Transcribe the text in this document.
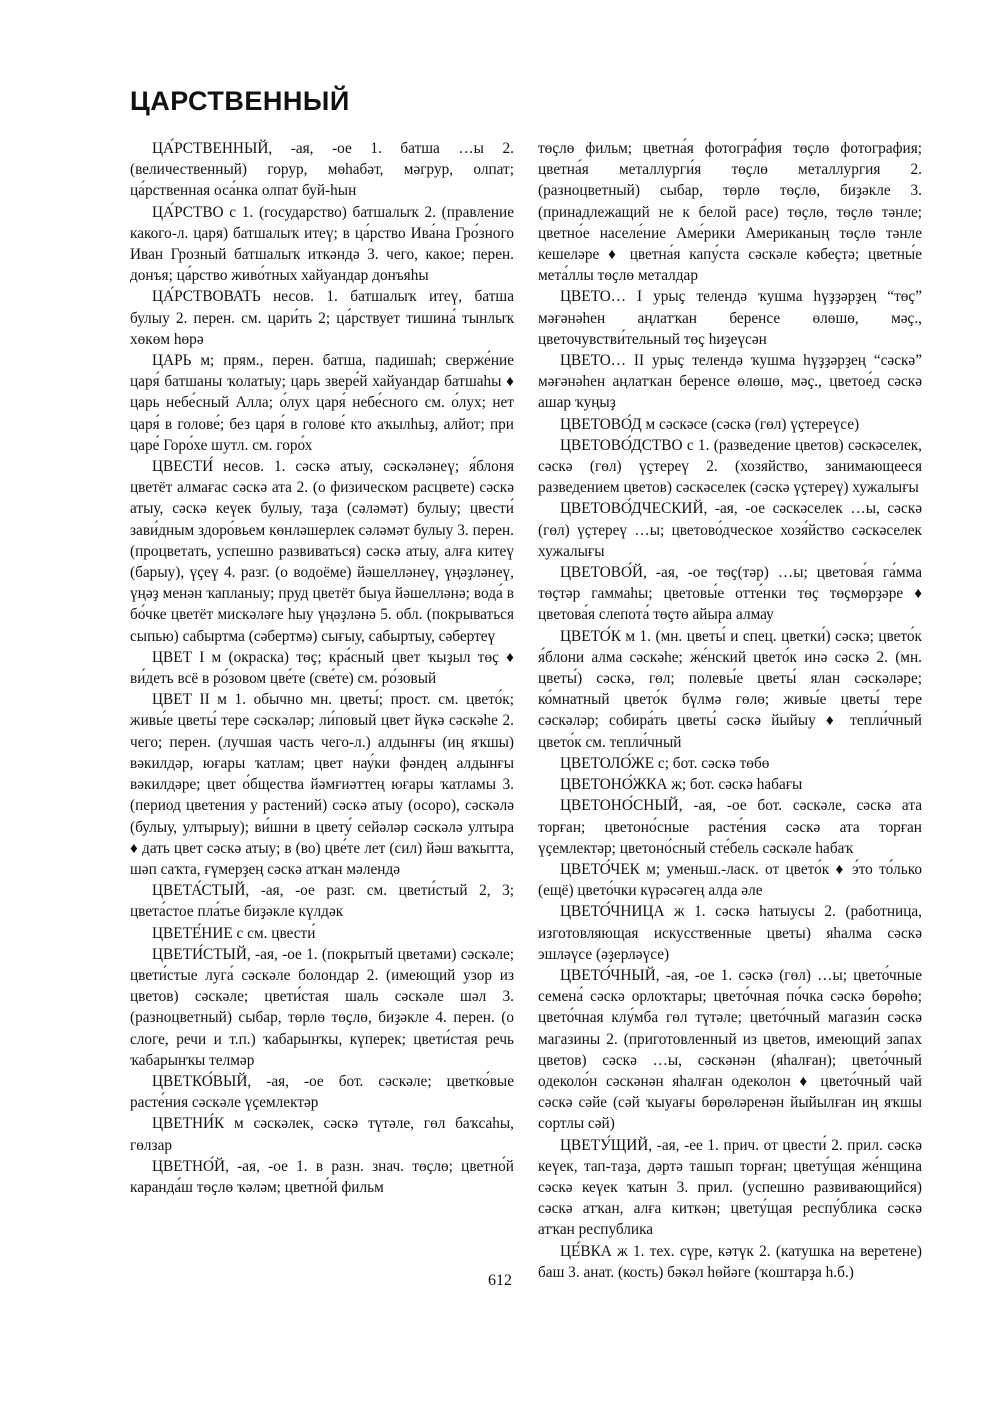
ЦАРСТВЕННЫЙ

ЦА́РСТВЕННЫЙ, -ая, -ое 1. батша …ы 2. (величественный) горур, мөһабәт, мәгрур, олпат; ца́рственная оса́нка олпат буй-һын

ЦА́РСТВО с 1. (государство) батшалыҡ 2. (правление какого-л. царя) батшалыҡ итеү; в ца́рство Ива́на Гро́зного Иван Грозный батшалыҡ иткәндә 3. чего, какое; перен. донъя; ца́рство живо́тных хайуандар донъяһы

ЦА́РСТВОВАТЬ несов. 1. батшалыҡ итеү, батша булыу 2. перен. см. цари́ть 2; ца́рствует тишина́ тынлыҡ хөкөм һөрә

ЦАРЬ м; прям., перен. батша, падишаһ; сверже́ние царя́ батшаны ҡолатыу; царь звере́й хайуандар батшаһы ♦ царь небе́сный Алла; о́лух царя́ небе́сного см. о́лух; нет царя́ в голове́; без царя́ в голове́ кто аҡылһыҙ, алйот; при царе́ Горо́хе шутл. см. горо́х

ЦВЕСТИ́ несов. 1. сәскә атыу, сәскәләнеү; я́блоня цветёт алмағас сәскә ата 2. (о физическом расцвете) сәскә атыу, сәскә кеүек булыу, таҙа (сәләмәт) булыу; цвести́ зави́дным здоро́вьем көнләшерлек сәләмәт булыу 3. перен. (процветать, успешно развиваться) сәскә атыу, алға китеү (барыу), үҫеү 4. разг. (о водоёме) йәшелләнеү, үңәҙләнеү, үңәҙ менән ҡапланыу; пруд цветёт быуа йәшелләнә; вода́ в бо́чке цветёт мискәләге һыу үңәҙләнә 5. обл. (покрываться сыпью) сабыртма (сәбертмә) сығыу, сабыртыу, сәбертеү

ЦВЕТ I м (окраска) төҫ; кра́сный цвет ҡыҙыл төҫ ♦ ви́деть всё в ро́зовом цве́те (све́те) см. ро́зовый

ЦВЕТ II м 1. обычно мн. цветы́; прост. см. цвето́к; живы́е цветы́ тере сәскәләр; ли́повый цвет йүкә сәскәһе 2. чего; перен. (лучшая часть чего-л.) алдынғы (иң яҡшы) вәкилдәр, юғары ҡатлам; цвет нау́ки фәндең алдынғы вәкилдәре; цвет о́бщества йәмғиәттең юғары ҡатламы 3. (период цветения у растений) сәскә атыу (осоро), сәскәлә (булыу, ултырыу); ви́шни в цвету́ сейәләр сәскәлә ултыра ♦ дать цвет сәскә атыу; в (во) цве́те лет (сил) йәш ваҡытта, шәп саҡта, ғүмерҙең сәскә атҡан мәлендә

ЦВЕТА́СТЫЙ, -ая, -ое разг. см. цвети́стый 2, 3; цвета́стое пла́тье биҙәкле күлдәк

ЦВЕТЕ́НИЕ с см. цвести́

ЦВЕТИ́СТЫЙ, -ая, -ое 1. (покрытый цветами) сәскәле; цвети́стые луга́ сәскәле болондар 2. (имеющий узор из цветов) сәскәле; цвети́стая шаль сәскәле шәл 3. (разноцветный) сыбар, төрлө төҫлө, биҙәкле 4. перен. (о слоге, речи и т.п.) ҡабарынҡы, күперек; цвети́стая речь ҡабарынҡы телмәр

ЦВЕТКО́ВЫЙ, -ая, -ое бот. сәскәле; цветко́вые расте́ния сәскәле үҫемлектәр

ЦВЕТНИ́К м сәскәлек, сәскә түтәле, гөл баҡсаһы, гөлзар

ЦВЕТНО́Й, -ая, -ое 1. в разн. знач. төҫлө; цветно́й каранда́ш төҫлө ҡәләм; цветно́й фильм

төҫлө фильм; цветна́я фотогра́фия төҫлө фотография; цветна́я металлурги́я төҫлө металлургия 2. (разноцветный) сыбар, төрлө төҫлө, биҙәкле 3. (принадлежащий не к белой расе) төҫлө, төҫлө тәнле; цветно́е населе́ние Аме́рики Американың төҫлө тәнле кешеләре ♦ цветна́я капу́ста сәскәле кәбеҫтә; цветны́е мета́ллы төҫлө металдар

ЦВЕТО… I урыҫ телендә ҡушма һүҙҙәрҙең “төҫ” мәғәнәһен аңлатҡан беренсе өлөшө, мәҫ., цветочувстви́тельный төҫ һиҙеүсән

ЦВЕТО… II урыҫ телендә ҡушма һүҙҙәрҙең “сәскә” мәғәнәһен аңлатҡан беренсе өлөшө, мәҫ., цветое́д сәскә ашар ҡуңыҙ

ЦВЕТОВО́Д м сәскәсе (сәскә (гөл) үҫтереүсе)

ЦВЕТОВО́ДСТВО с 1. (разведение цветов) сәскәселек, сәскә (гөл) үҫтереү 2. (хозяйство, занимающееся разведением цветов) сәскәселек (сәскә үҫтереү) хужалығы

ЦВЕТОВО́ДЧЕСКИЙ, -ая, -ое сәскәселек …ы, сәскә (гөл) үҫтереү …ы; цветово́дческое хозя́йство сәскәселек хужалығы

ЦВЕТОВО́Й, -ая, -ое төҫ(тәр) …ы; цветова́я га́мма төҫтәр гаммаһы; цветовы́е отте́нки төҫ төҫмөрҙәре ♦ цветова́я слепота́ төҫтө айыра алмау

ЦВЕТО́К м 1. (мн. цветы́ и спец. цветки́) сәскә; цвето́к я́блони алма сәскәһе; же́нский цвето́к инә сәскә 2. (мн. цветы́) сәскә, гөл; полевы́е цветы́ ялан сәскәләре; ко́мнатный цвето́к бүлмә гөлө; живы́е цветы́ тере сәскәләр; собира́ть цветы́ сәскә йыйыу ♦ тепли́чный цвето́к см. тепли́чный

ЦВЕТОЛО́ЖЕ с; бот. сәскә төбө

ЦВЕТОНО́ЖКА ж; бот. сәскә һабағы

ЦВЕТОНО́СНЫЙ, -ая, -ое бот. сәскәле, сәскә ата торған; цветоно́сные расте́ния сәскә ата торған үҫемлектәр; цветоно́сный сте́бель сәскәле һабаҡ

ЦВЕТО́ЧЕК м; уменьш.-ласк. от цвето́к ♦ э́то то́лько (ещё) цвето́чки күрәсәгең алда әле

ЦВЕТО́ЧНИЦА ж 1. сәскә һатыусы 2. (работница, изготовляющая искусственные цветы) яһалма сәскә эшләүсе (әҙерләүсе)

ЦВЕТО́ЧНЫЙ, -ая, -ое 1. сәскә (гөл) …ы; цвето́чные семена́ сәскә орлоҡтары; цвето́чная по́чка сәскә бөрөһө; цвето́чная клу́мба гөл түтәле; цвето́чный магази́н сәскә магазины 2. (приготовленный из цветов, имеющий запах цветов) сәскә …ы, сәскәнән (яһалған); цвето́чный одеколо́н сәскәнән яһалған одеколон ♦ цвето́чный чай сәскә сәйе (сәй ҡыуағы бөрөләренән йыйылған иң яҡшы сортлы сәй)

ЦВЕТУ́ЩИЙ, -ая, -ее 1. прич. от цвести́ 2. прил. сәскә кеүек, тап-таҙа, дәртә ташып торған; цвету́щая же́нщина сәскә кеүек ҡатын 3. прил. (успешно развивающийся) сәскә атҡан, алға киткән; цвету́щая респу́блика сәскә атҡан республика

ЦЕ́ВКА ж 1. тех. сүре, кәтүк 2. (катушка на веретене) баш 3. анат. (кость) бәкәл һөйәге (ҡоштарҙа һ.б.)

612
